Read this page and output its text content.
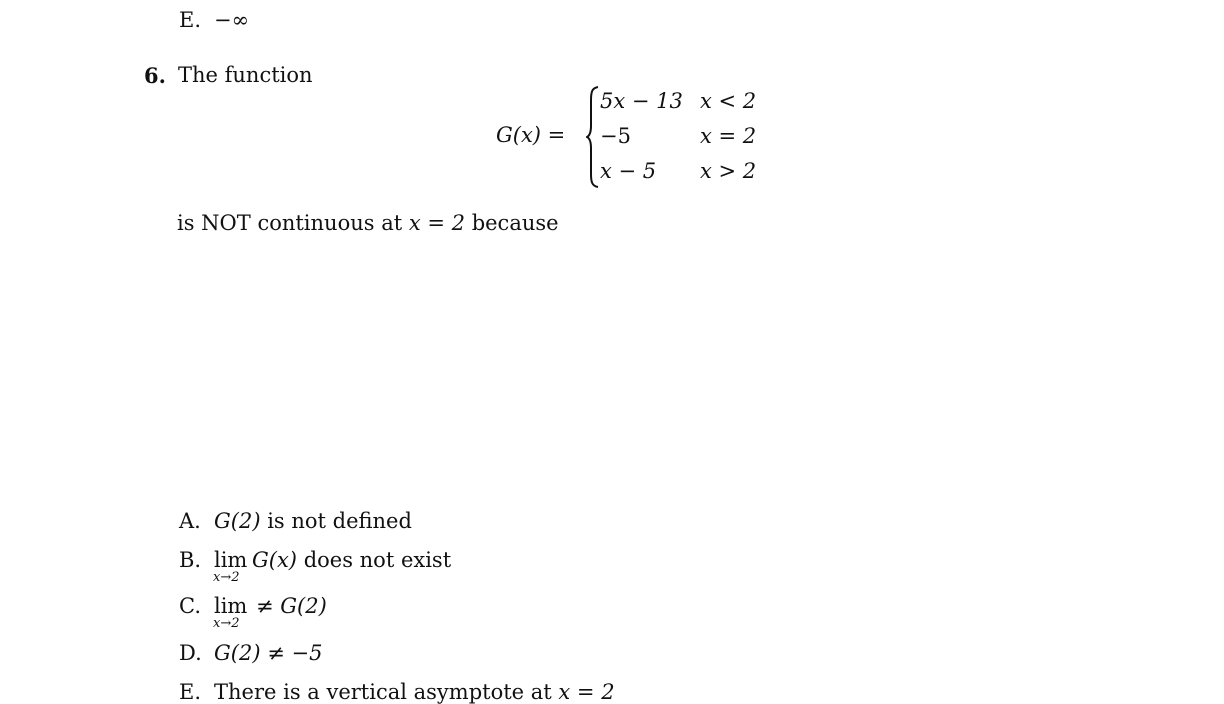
E. −∞
6. The function
G(x) =
5x − 13 x < 2
−5	x = 2
x − 5 x > 2
is NOT continuous at x = 2 because
A. G(2) is not defined
B. lim
x→2
G(x) does not exist
C. lim
x→2
≠ G(2)
D. G(2) ≠ −5
E. There is a vertical asymptote at x = 2
